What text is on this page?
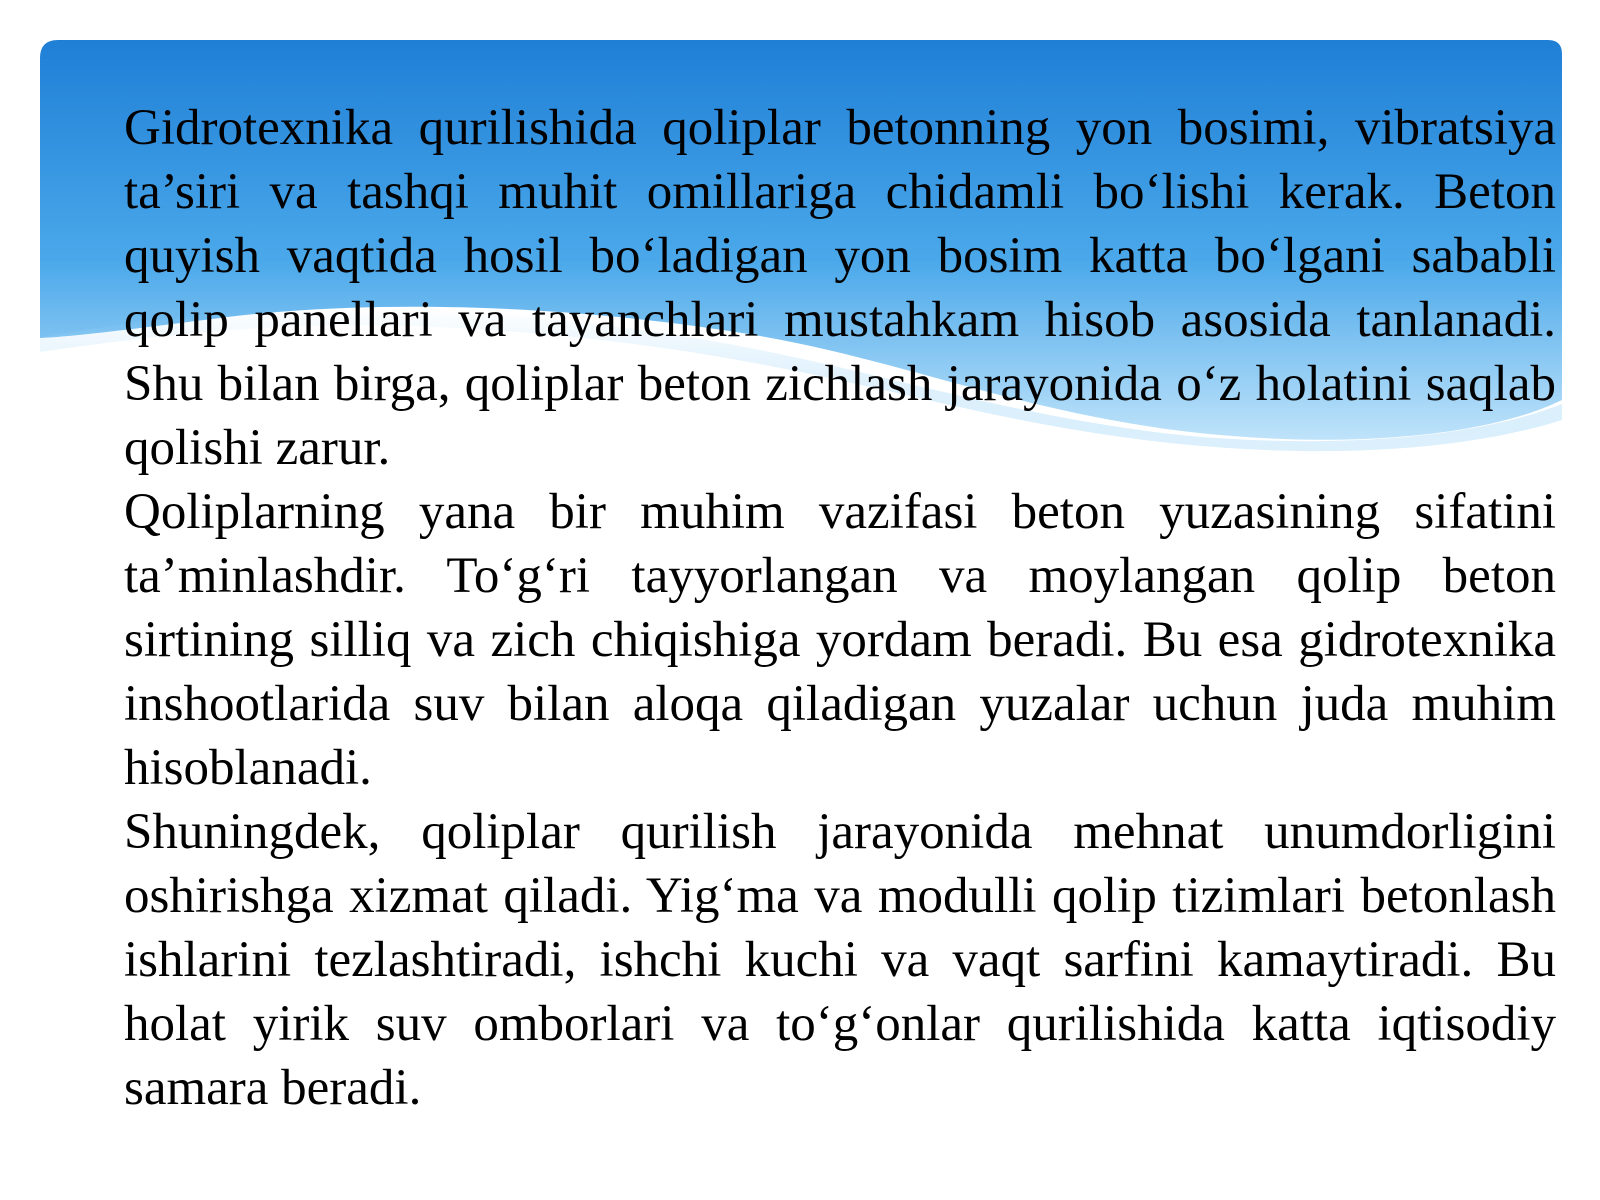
Gidrotexnika qurilishida qoliplar betonning yon bosimi, vibratsiya ta’siri va tashqi muhit omillariga chidamli bo‘lishi kerak. Beton quyish vaqtida hosil bo‘ladigan yon bosim katta bo‘lgani sababli qolip panellari va tayanchlari mustahkam hisob asosida tanlanadi. Shu bilan birga, qoliplar beton zichlash jarayonida o‘z holatini saqlab qolishi zarur.

Qoliplarning yana bir muhim vazifasi beton yuzasining sifatini ta’minlashdir. To‘g‘ri tayyorlangan va moylangan qolip beton sirtining silliq va zich chiqishiga yordam beradi. Bu esa gidrotexnika inshootlarida suv bilan aloqa qiladigan yuzalar uchun juda muhim hisoblanadi.

Shuningdek, qoliplar qurilish jarayonida mehnat unumdorligini oshirishga xizmat qiladi. Yig‘ma va modulli qolip tizimlari betonlash ishlarini tezlashtiradi, ishchi kuchi va vaqt sarfini kamaytiradi. Bu holat yirik suv omborlari va to‘g‘onlar qurilishida katta iqtisodiy samara beradi.
